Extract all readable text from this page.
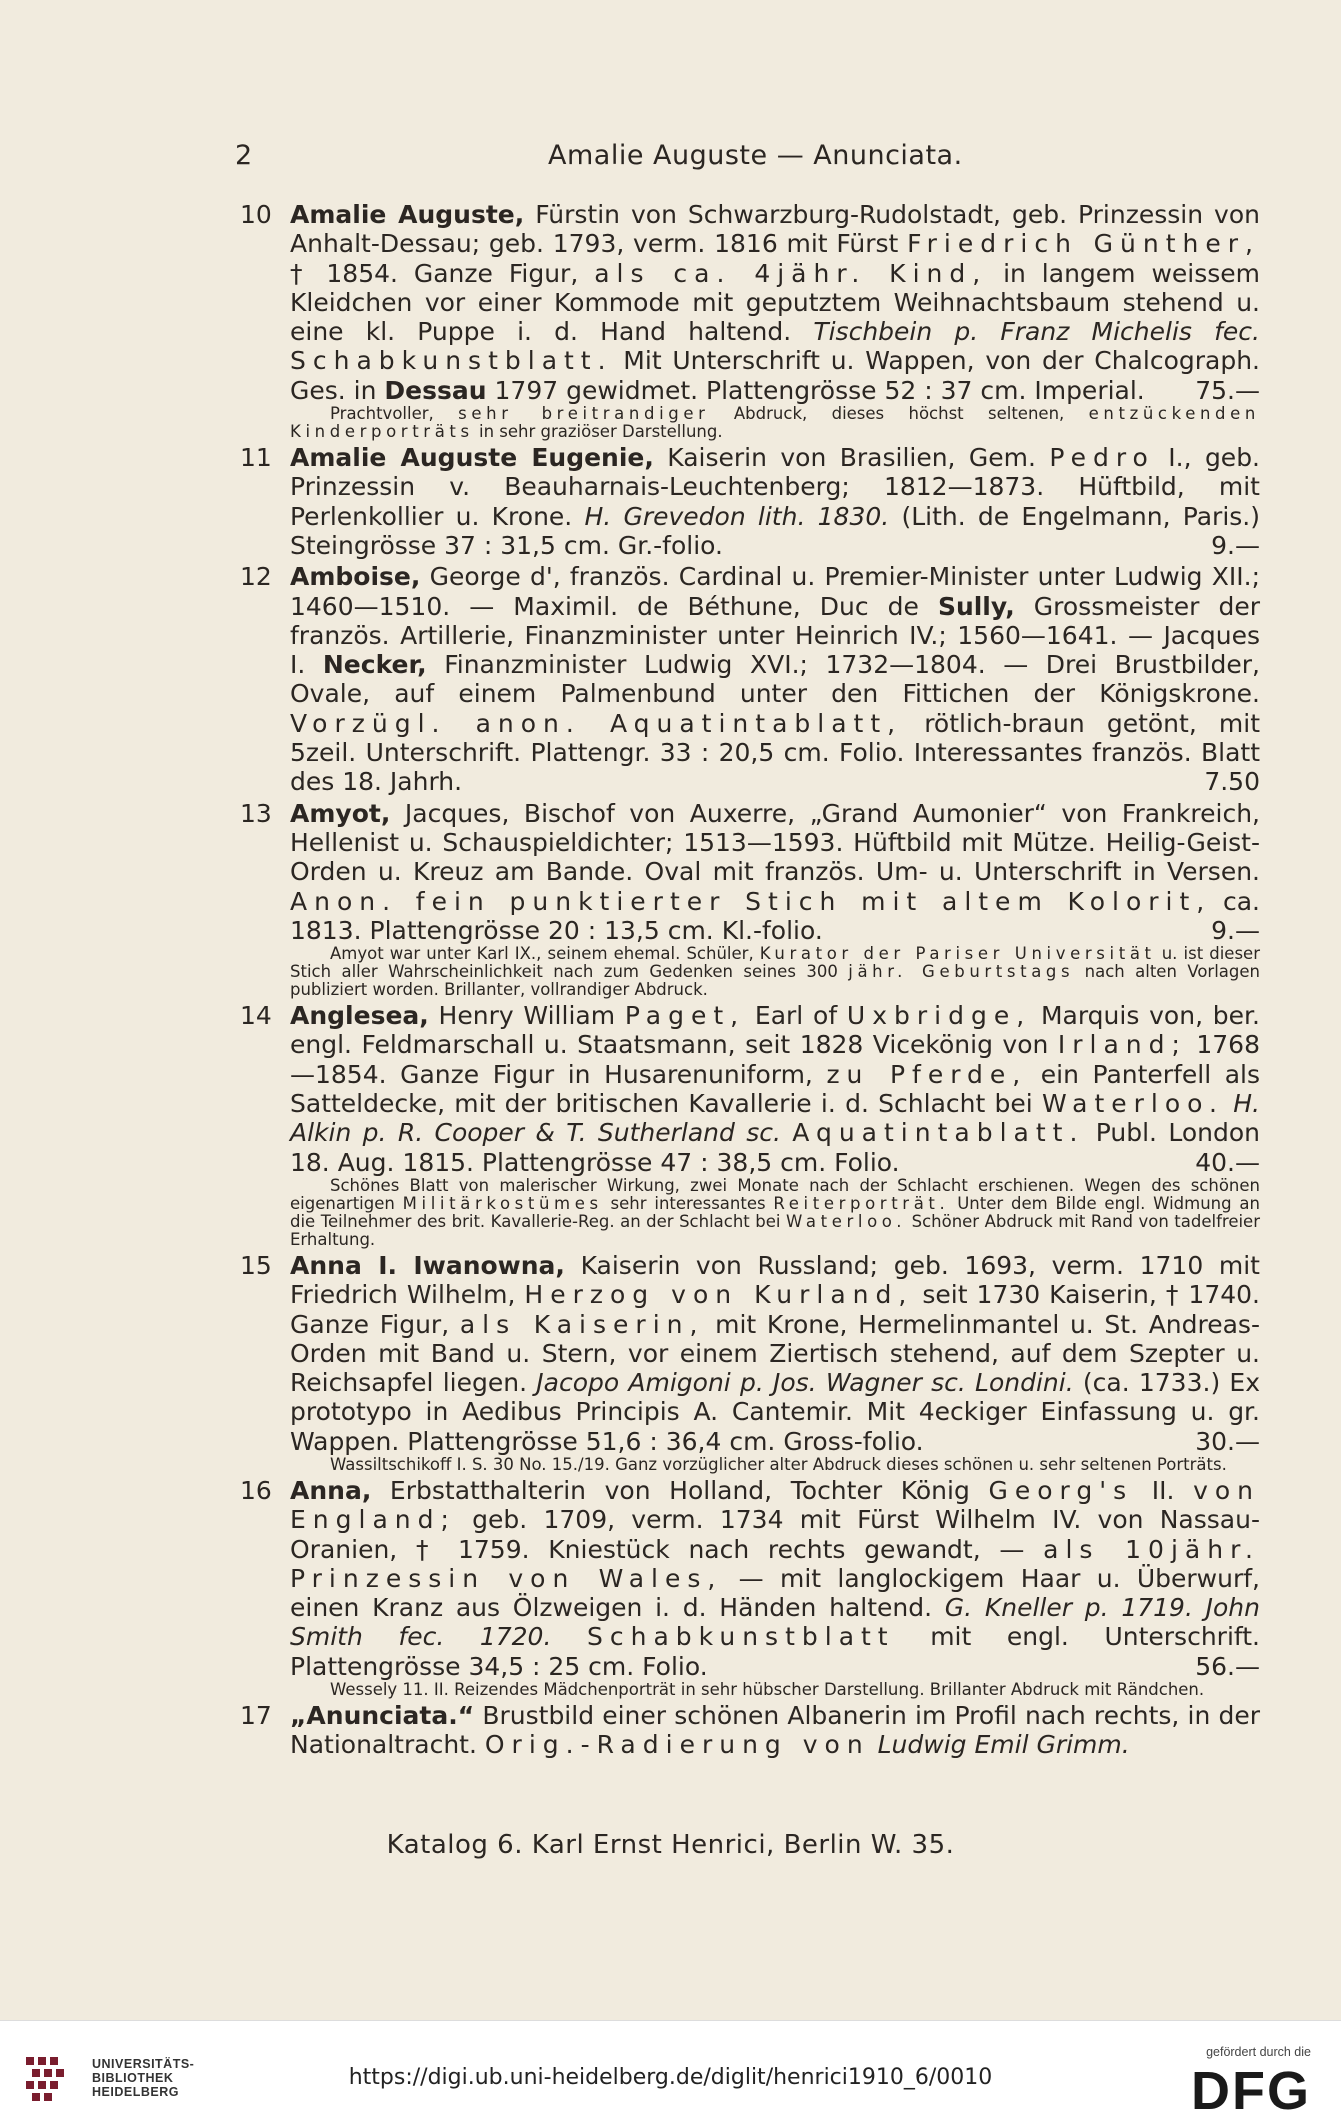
2	Amalie Auguste — Anunciata.
10 Amalie Auguste, Fürstin von Schwarzburg-Rudolstadt, geb. Prinzessin von Anhalt-Dessau; geb. 1793, verm. 1816 mit Fürst Friedrich Günther, † 1854. Ganze Figur, als ca. 4jähr. Kind, in langem weissem Kleidchen vor einer Kommode mit geputztem Weihnachtsbaum stehend u. eine kl. Puppe i. d. Hand haltend. Tischbein p. Franz Michelis fec. Schabkunstblatt. Mit Unterschrift u. Wappen, von der Chalcograph. Ges. in Dessau 1797 gewidmet. Plattengrösse 52 : 37 cm. Imperial. 75.—
Prachtvoller, sehr breitrandiger Abdruck, dieses höchst seltenen, entzückenden Kinderporträts in sehr graziöser Darstellung.
11 Amalie Auguste Eugenie, Kaiserin von Brasilien, Gem. Pedro I., geb. Prinzessin v. Beauharnais-Leuchtenberg; 1812—1873. Hüftbild, mit Perlenkollier u. Krone. H. Grevedon lith. 1830. (Lith. de Engelmann, Paris.) Steingrösse 37 : 31,5 cm. Gr.-folio.	9.—
12 Amboise, George d', französ. Cardinal u. Premier-Minister unter Ludwig XII.; 1460—1510. — Maximil. de Béthune, Duc de Sully, Grossmeister der französ. Artillerie, Finanzminister unter Heinrich IV.; 1560—1641. — Jacques I. Necker, Finanzminister Ludwig XVI.; 1732—1804. — Drei Brustbilder, Ovale, auf einem Palmenbund unter den Fittichen der Königskrone. Vorzügl. anon. Aquatintablatt, rötlich-braun getönt, mit 5zeil. Unterschrift. Plattengr. 33 : 20,5 cm. Folio. Interessantes französ. Blatt des 18. Jahrh.	7.50
13 Amyot, Jacques, Bischof von Auxerre, „Grand Aumonier“ von Frankreich, Hellenist u. Schauspieldichter; 1513—1593. Hüftbild mit Mütze. Heilig-Geist-Orden u. Kreuz am Bande. Oval mit französ. Um- u. Unterschrift in Versen. Anon. fein punktierter Stich mit altem Kolorit, ca. 1813. Plattengrösse 20 : 13,5 cm. Kl.-folio.	9.—
Amyot war unter Karl IX., seinem ehemal. Schüler, Kurator der Pariser Universität u. ist dieser Stich aller Wahrscheinlichkeit nach zum Gedenken seines 300 jähr. Geburtstags nach alten Vorlagen publiziert worden. Brillanter, vollrandiger Abdruck.
14 Anglesea, Henry William Paget, Earl of Uxbridge, Marquis von, ber. engl. Feldmarschall u. Staatsmann, seit 1828 Vicekönig von Irland; 1768—1854. Ganze Figur in Husarenuniform, zu Pferde, ein Panterfell als Satteldecke, mit der britischen Kavallerie i. d. Schlacht bei Waterloo. H. Alkin p. R. Cooper & T. Sutherland sc. Aquatintablatt. Publ. London 18. Aug. 1815. Plattengrösse 47 : 38,5 cm. Folio.	40.—
Schönes Blatt von malerischer Wirkung, zwei Monate nach der Schlacht erschienen. Wegen des schönen eigenartigen Militärkostümes sehr interessantes Reiterporträt. Unter dem Bilde engl. Widmung an die Teilnehmer des brit. Kavallerie-Reg. an der Schlacht bei Waterloo. Schöner Abdruck mit Rand von tadelfreier Erhaltung.
15 Anna I. Iwanowna, Kaiserin von Russland; geb. 1693, verm. 1710 mit Friedrich Wilhelm, Herzog von Kurland, seit 1730 Kaiserin, † 1740. Ganze Figur, als Kaiserin, mit Krone, Hermelinmantel u. St. Andreas-Orden mit Band u. Stern, vor einem Ziertisch stehend, auf dem Szepter u. Reichsapfel liegen. Jacopo Amigoni p. Jos. Wagner sc. Londini. (ca. 1733.) Ex prototypo in Aedibus Principis A. Cantemir. Mit 4eckiger Einfassung u. gr. Wappen. Plattengrösse 51,6 : 36,4 cm. Gross-folio.	30.—
Wassiltschikoff I. S. 30 No. 15./19. Ganz vorzüglicher alter Abdruck dieses schönen u. sehr seltenen Porträts.
16 Anna, Erbstatthalterin von Holland, Tochter König Georg's II. von England; geb. 1709, verm. 1734 mit Fürst Wilhelm IV. von Nassau-Oranien, † 1759. Kniestück nach rechts gewandt, — als 10jähr. Prinzessin von Wales, — mit langlockigem Haar u. Überwurf, einen Kranz aus Ölzweigen i. d. Händen haltend. G. Kneller p. 1719. John Smith fec. 1720. Schabkunstblatt mit engl. Unterschrift. Plattengrösse 34,5 : 25 cm. Folio.	56.—
Wessely 11. II. Reizendes Mädchenporträt in sehr hübscher Darstellung. Brillanter Abdruck mit Rändchen.
17 „Anunciata.“ Brustbild einer schönen Albanerin im Profil nach rechts, in der Nationaltracht. Orig.-Radierung von Ludwig Emil Grimm.
Katalog 6. Karl Ernst Henrici, Berlin W. 35.
UNIVERSITÄTS-
BIBLIOTHEK
HEIDELBERG
https://digi.ub.uni-heidelberg.de/diglit/henrici1910_6/0010
gefördert durch die
DFG
